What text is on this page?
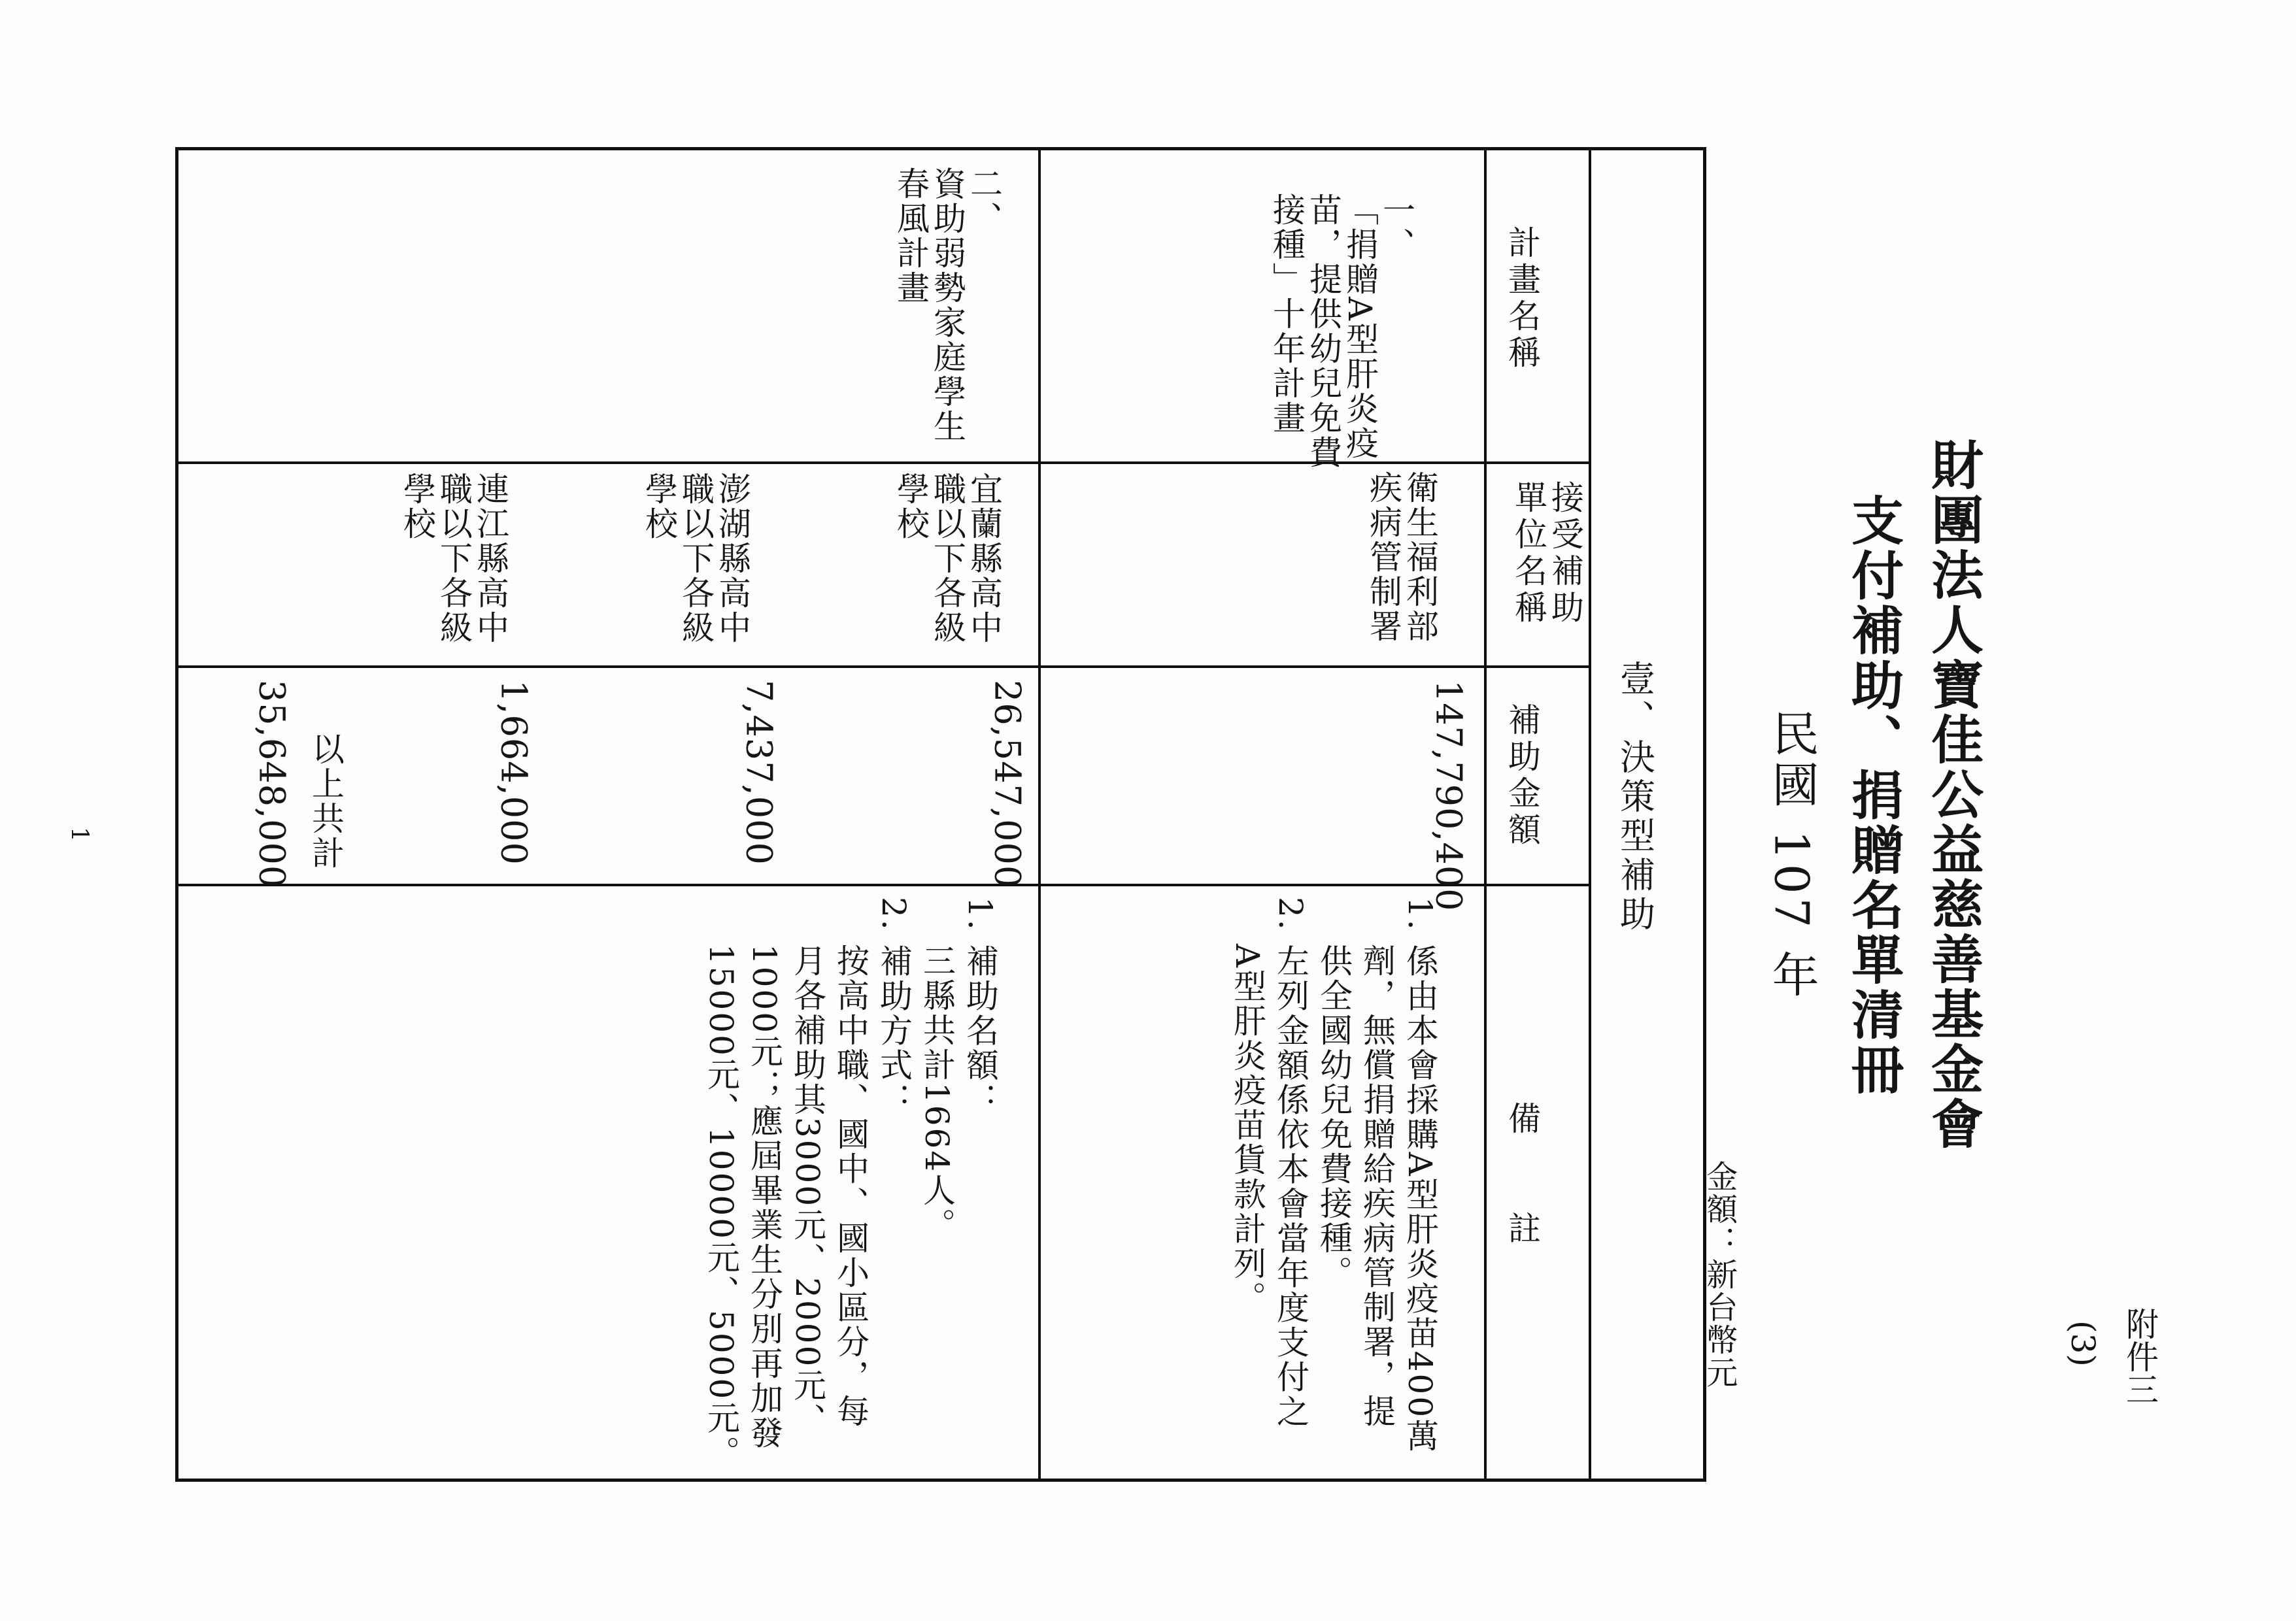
附件三
(3)
財團法人寶佳公益慈善基金會
支付補助、捐贈名單清冊
民國 107 年
金額：新台幣元
壹、決策型補助
計畫名稱
接受補助
單位名稱
補助金額
備　　註
一、
「捐贈A型肝炎疫
苗，提供幼兒免費
接種」十年計畫
衛生福利部
疾病管制署
147,790,400
1. 係由本會採購A型肝炎疫苗400萬
　 劑，無償捐贈給疾病管制署，提
　 供全國幼兒免費接種。
2. 左列金額係依本會當年度支付之
　 A型肝炎疫苗貨款計列。
二、
資助弱勢家庭學生
春風計畫
宜蘭縣高中
職以下各級
學校
26,547,000
澎湖縣高中
職以下各級
學校
7,437,000
連江縣高中
職以下各級
學校
1,664,000
1. 補助名額：
　 三縣共計1664人。
2. 補助方式：
　 按高中職、國中、國小區分，每
　 月各補助其3000元、2000元、
　 1000元；應屆畢業生分別再加發
　 15000元、10000元、5000元。
以上共計
35,648,000
1
